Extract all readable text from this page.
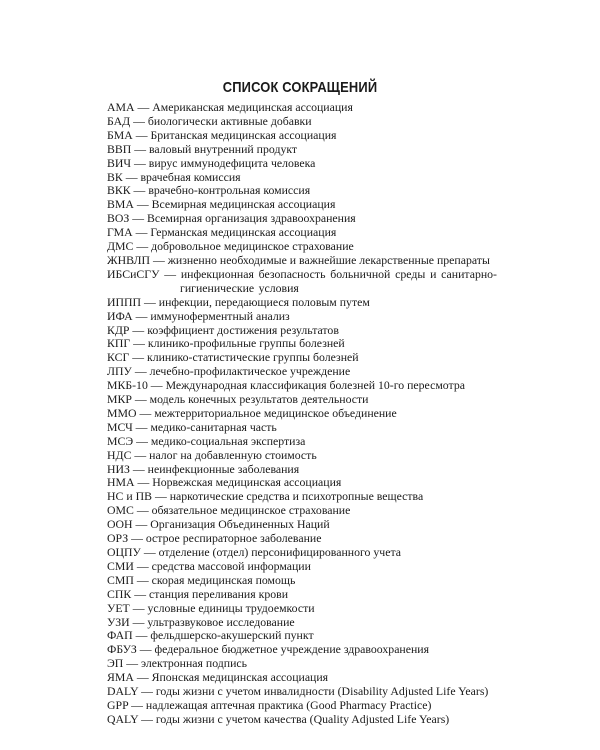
СПИСОК СОКРАЩЕНИЙ
АМА — Американская медицинская ассоциация
БАД — биологически активные добавки
БМА — Британская медицинская ассоциация
ВВП — валовый внутренний продукт
ВИЧ — вирус иммунодефицита человека
ВК — врачебная комиссия
ВКК — врачебно-контрольная комиссия
ВМА — Всемирная медицинская ассоциация
ВОЗ — Всемирная организация здравоохранения
ГМА — Германская медицинская ассоциация
ДМС — добровольное медицинское страхование
ЖНВЛП — жизненно необходимые и важнейшие лекарственные препараты
ИБСиСГУ — инфекционная безопасность больничной среды и санитарно-гигиенические условия
ИППП — инфекции, передающиеся половым путем
ИФА — иммуноферментный анализ
КДР — коэффициент достижения результатов
КПГ — клинико-профильные группы болезней
КСГ — клинико-статистические группы болезней
ЛПУ — лечебно-профилактическое учреждение
МКБ-10 — Международная классификация болезней 10-го пересмотра
МКР — модель конечных результатов деятельности
ММО — межтерриториальное медицинское объединение
МСЧ — медико-санитарная часть
МСЭ — медико-социальная экспертиза
НДС — налог на добавленную стоимость
НИЗ — неинфекционные заболевания
НМА — Норвежская медицинская ассоциация
НС и ПВ — наркотические средства и психотропные вещества
ОМС — обязательное медицинское страхование
ООН — Организация Объединенных Наций
ОРЗ — острое респираторное заболевание
ОЦПУ — отделение (отдел) персонифицированного учета
СМИ — средства массовой информации
СМП — скорая медицинская помощь
СПК — станция переливания крови
УЕТ — условные единицы трудоемкости
УЗИ — ультразвуковое исследование
ФАП — фельдшерско-акушерский пункт
ФБУЗ — федеральное бюджетное учреждение здравоохранения
ЭП — электронная подпись
ЯМА — Японская медицинская ассоциация
DALY — годы жизни с учетом инвалидности (Disability Adjusted Life Years)
GPP — надлежащая аптечная практика (Good Pharmacy Practice)
QALY — годы жизни с учетом качества (Quality Adjusted Life Years)
